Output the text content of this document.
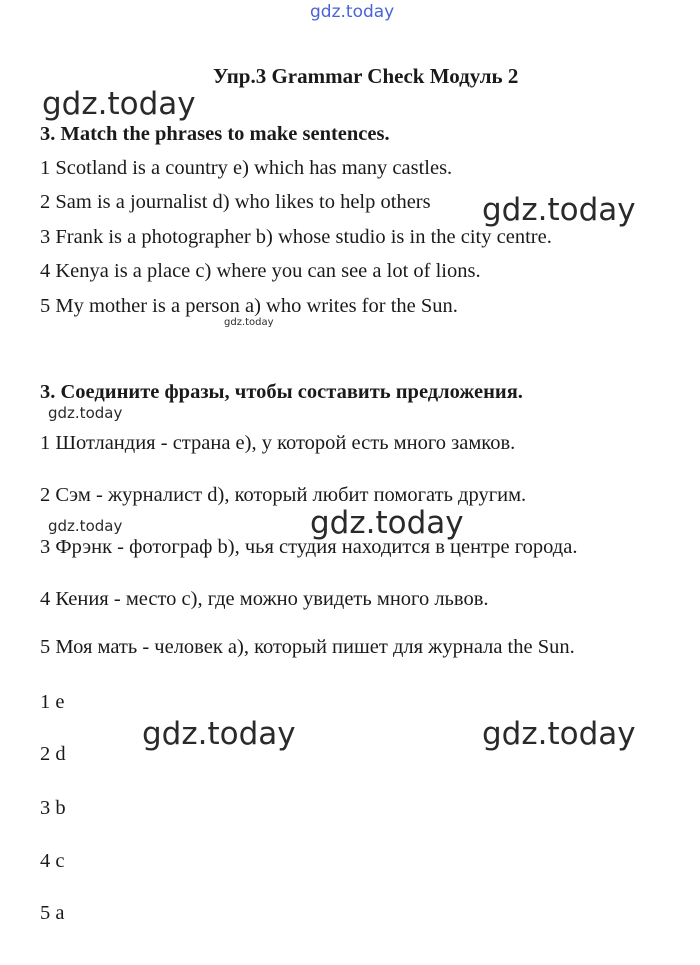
gdz.today
gdz.today
gdz.today
gdz.today
gdz.today
gdz.today	gdz.today
gdz.today	gdz.today
Упр.3 Grammar Check Модуль 2
3. Match the phrases to make sentences.
1 Scotland is a country e) which has many castles.
2 Sam is a journalist d) who likes to help others
3 Frank is a photographer b) whose studio is in the city centre.
4 Kenya is a place c) where you can see a lot of lions.
5 My mother is a person a) who writes for the Sun.
3. Соедините фразы, чтобы составить предложения.
1 Шотландия - страна е), у которой есть много замков.
2 Сэм - журналист d), который любит помогать другим.
3 Фрэнк - фотограф b), чья студия находится в центре города.
4 Кения - место c), где можно увидеть много львов.
5 Моя мать - человек a), который пишет для журнала the Sun.
1 e
2 d
3 b
4 c
5 a
